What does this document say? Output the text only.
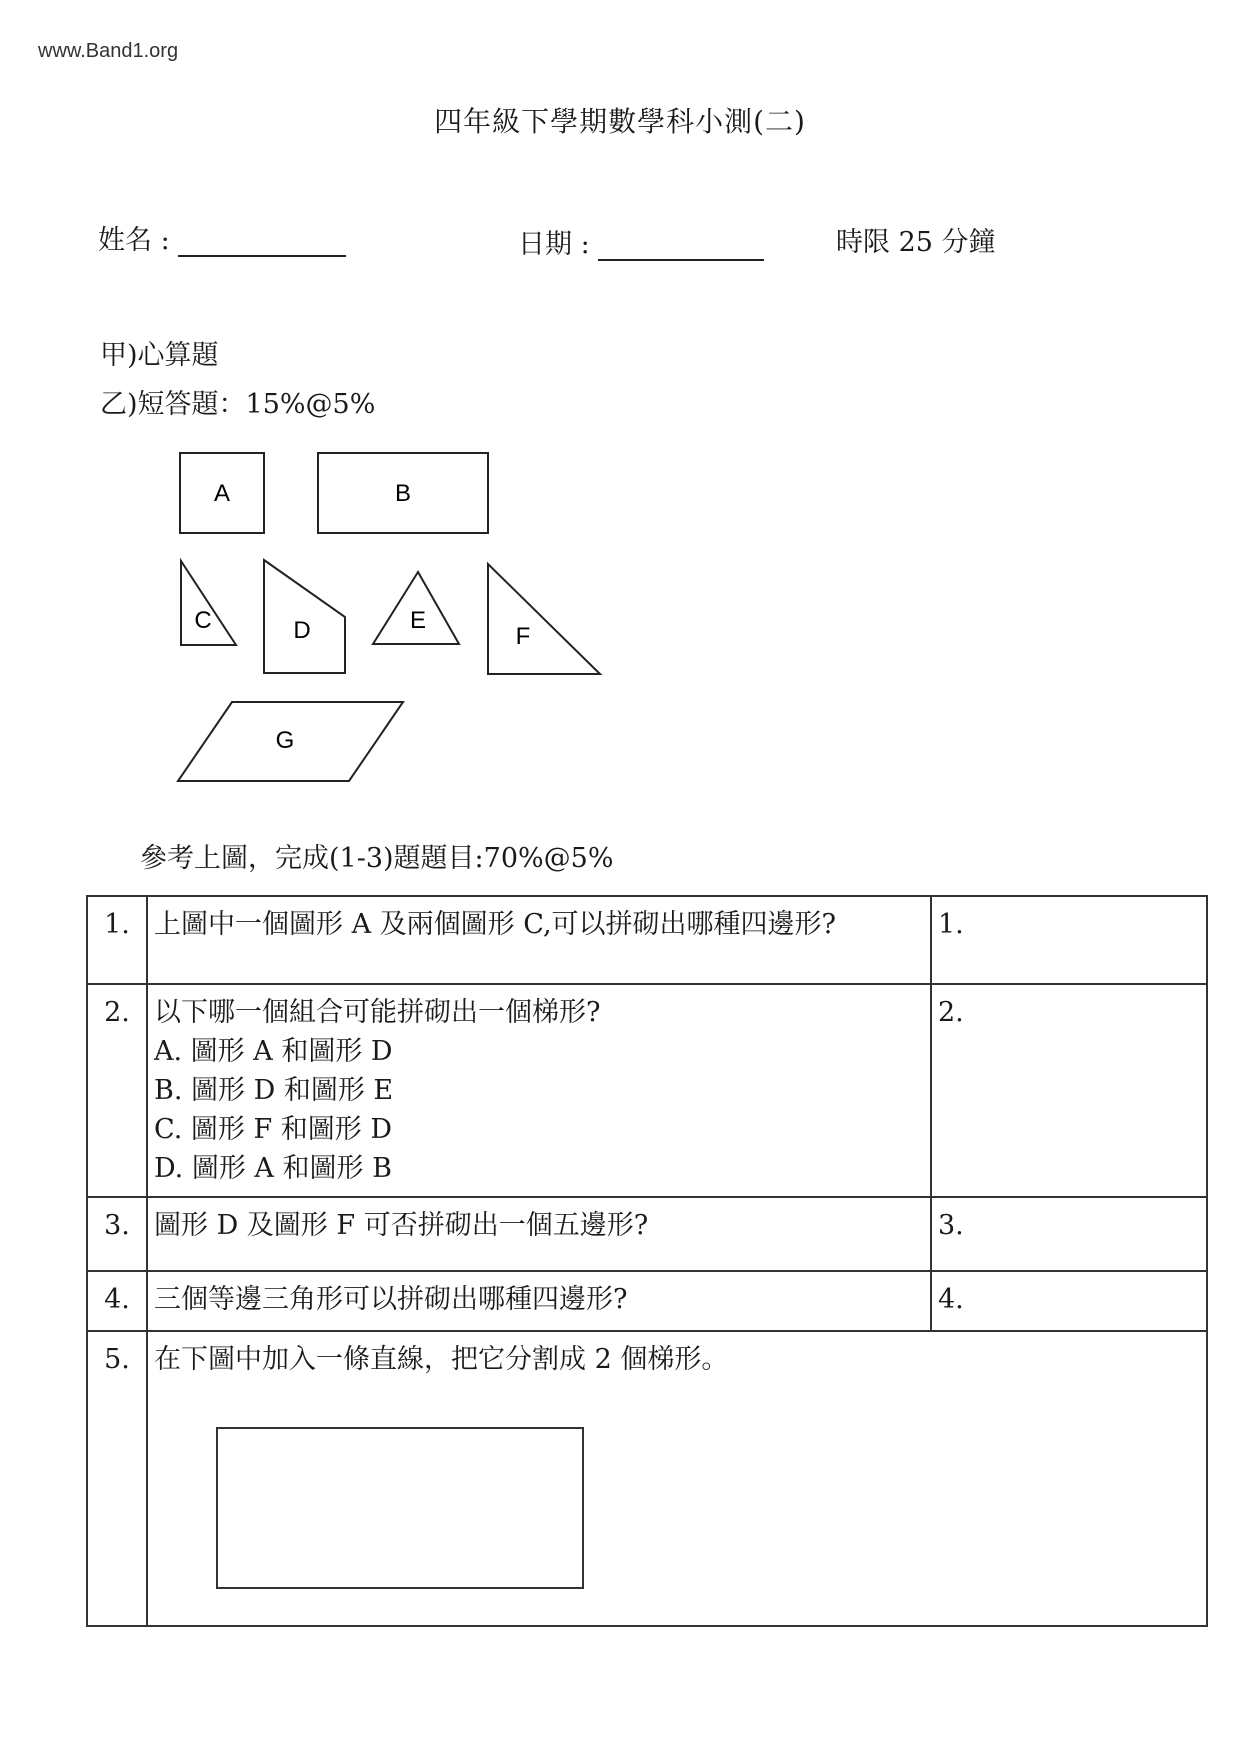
www.Band1.org
四年級下學期數學科小測(二)
姓名 :	日期 :	時限 25 分鐘
甲)心算題
乙)短答題：15%@5%
A	B
C	D	E
F
G
參考上圖，完成(1-3)題題目:70%@5%
1.	上圖中一個圖形 A 及兩個圖形 C,可以拼砌出哪種四邊形?	1.
2.	以下哪一個組合可能拼砌出一個梯形?
A. 圖形 A 和圖形 D
B. 圖形 D 和圖形 E
C. 圖形 F 和圖形 D
D. 圖形 A 和圖形 B	2.
3.	圖形 D 及圖形 F 可否拼砌出一個五邊形?	3.
4.	三個等邊三角形可以拼砌出哪種四邊形?	4.
5.	在下圖中加入一條直線，把它分割成 2 個梯形。	
